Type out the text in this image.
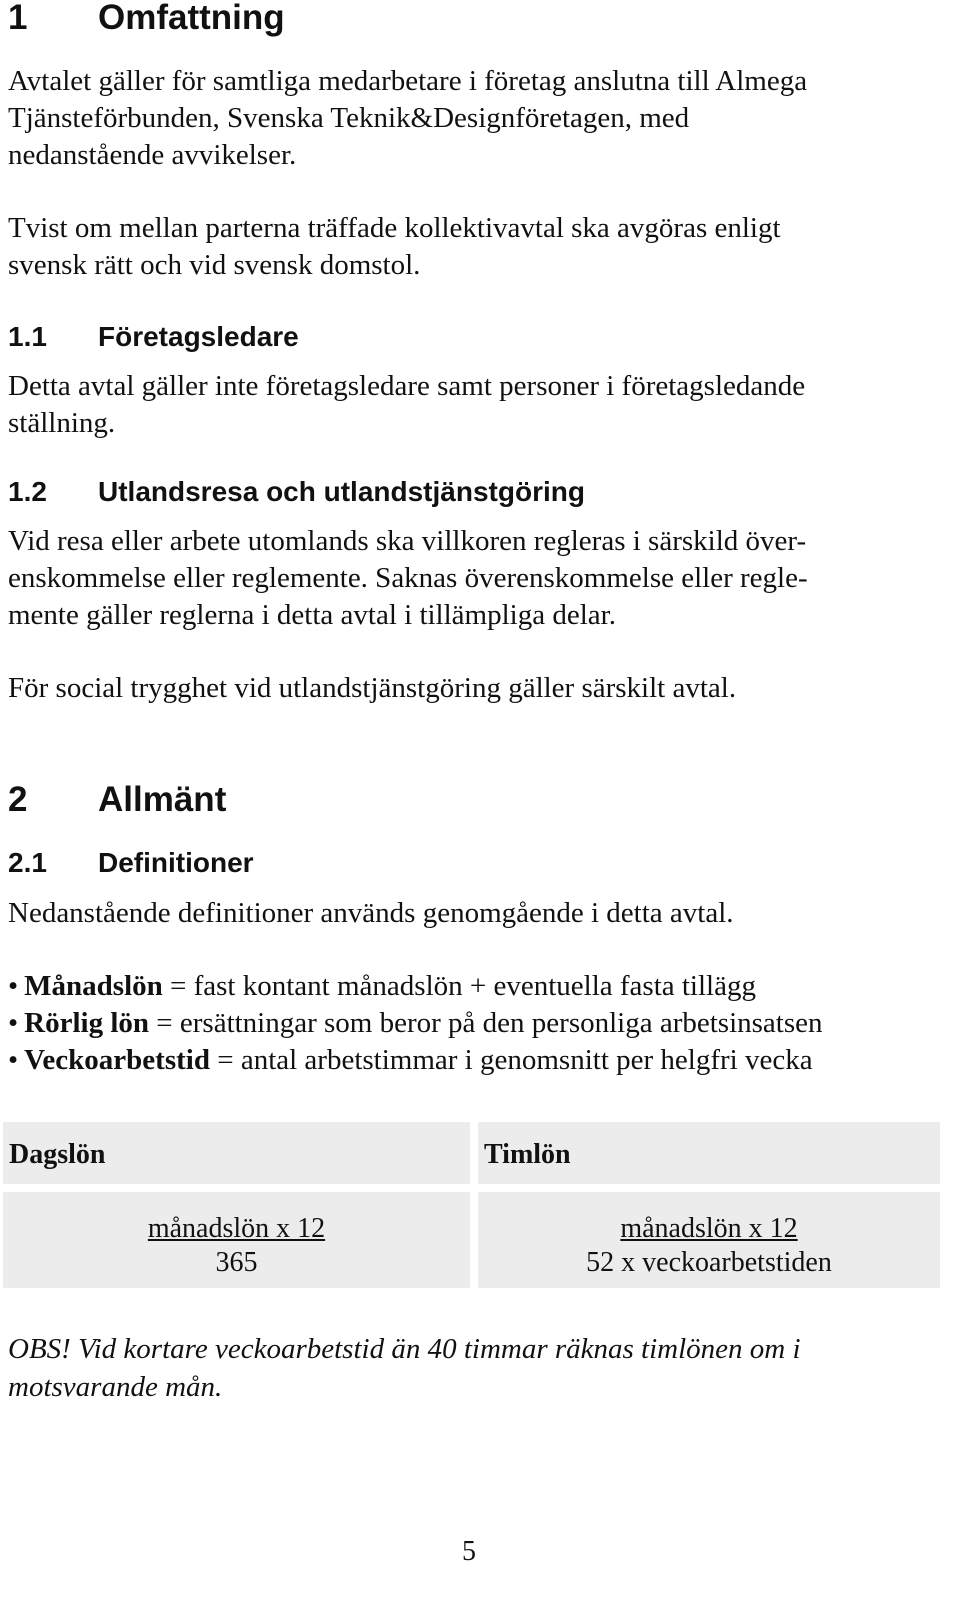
1 Omfattning

Avtalet gäller för samtliga medarbetare i företag anslutna till Almega
Tjänsteförbunden, Svenska Teknik&Designföretagen, med
nedanstående avvikelser.

Tvist om mellan parterna träffade kollektivavtal ska avgöras enligt
svensk rätt och vid svensk domstol.

1.1 Företagsledare

Detta avtal gäller inte företagsledare samt personer i företagsledande
ställning.

1.2 Utlandsresa och utlandstjänstgöring

Vid resa eller arbete utomlands ska villkoren regleras i särskild över-
enskommelse eller reglemente. Saknas överenskommelse eller regle-
mente gäller reglerna i detta avtal i tillämpliga delar.

För social trygghet vid utlandstjänstgöring gäller särskilt avtal.

2 Allmänt
2.1 Definitioner

Nedanstående definitioner används genomgående i detta avtal.

• Månadslön = fast kontant månadslön + eventuella fasta tillägg
• Rörlig lön = ersättningar som beror på den personliga arbetsinsatsen
• Veckoarbetstid = antal arbetstimmar i genomsnitt per helgfri vecka
Dagslön	Timlön
månadslön x 12
365
månadslön x 12
52 x veckoarbetstiden

OBS! Vid kortare veckoarbetstid än 40 timmar räknas timlönen om i
motsvarande mån.

5
